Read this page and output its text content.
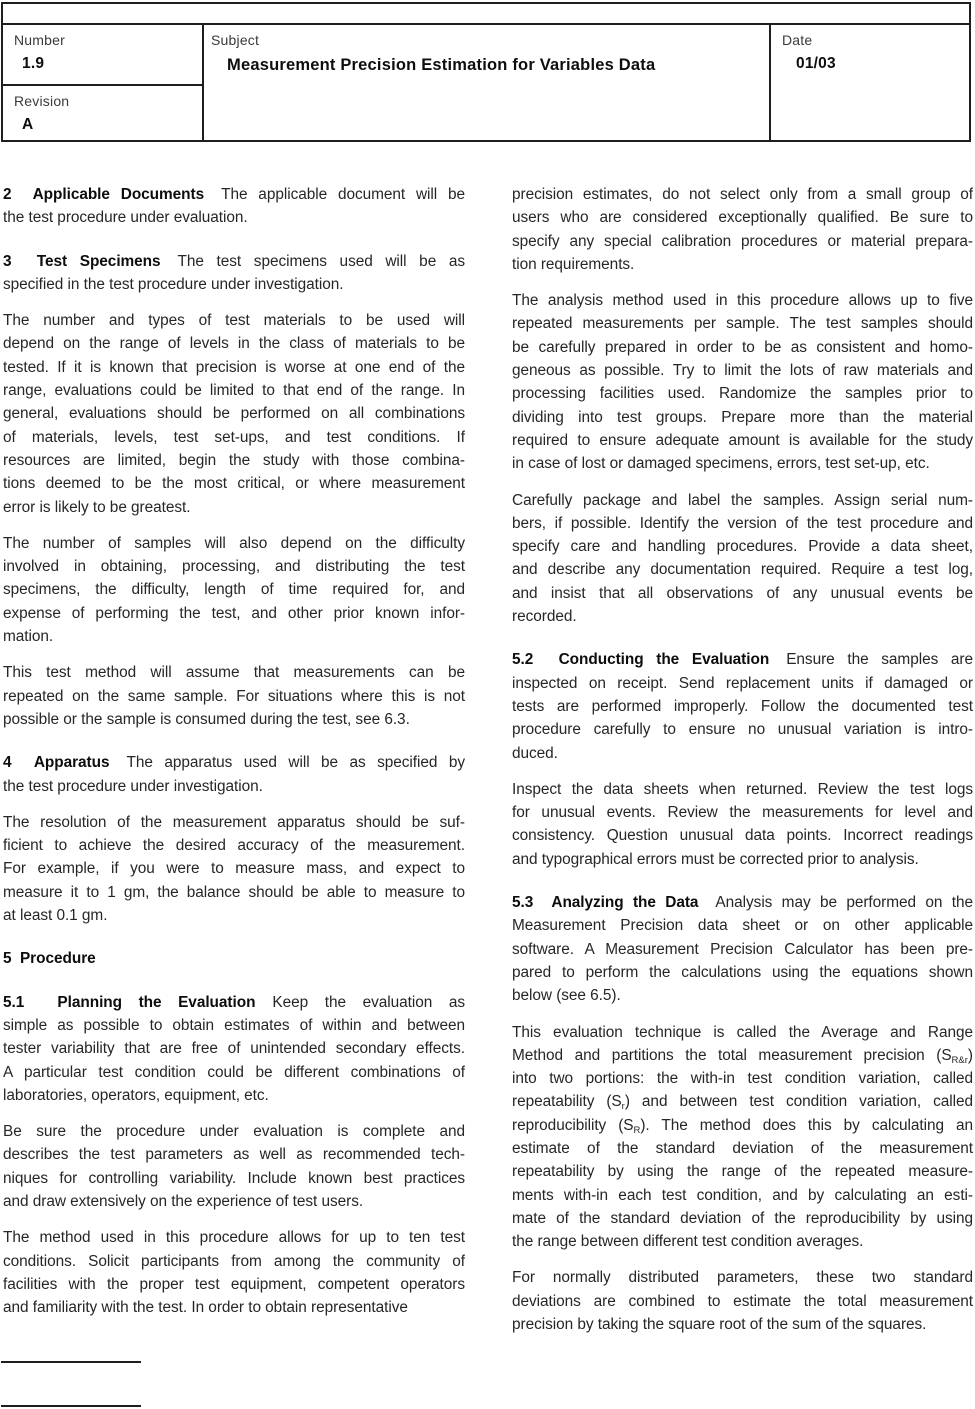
Number
1.9
Revision
A
Subject
Measurement Precision Estimation for Variables Data
Date
01/03
2  Applicable Documents The applicable document will be
the test procedure under evaluation.
3  Test Specimens The test specimens used will be as
specified in the test procedure under investigation.
The number and types of test materials to be used will
depend on the range of levels in the class of materials to be
tested. If it is known that precision is worse at one end of the
range, evaluations could be limited to that end of the range. In
general, evaluations should be performed on all combinations
of materials, levels, test set-ups, and test conditions. If
resources are limited, begin the study with those combina-
tions deemed to be the most critical, or where measurement
error is likely to be greatest.
The number of samples will also depend on the difficulty
involved in obtaining, processing, and distributing the test
specimens, the difficulty, length of time required for, and
expense of performing the test, and other prior known infor-
mation.
This test method will assume that measurements can be
repeated on the same sample. For situations where this is not
possible or the sample is consumed during the test, see 6.3.
4  Apparatus The apparatus used will be as specified by
the test procedure under investigation.
The resolution of the measurement apparatus should be suf-
ficient to achieve the desired accuracy of the measurement.
For example, if you were to measure mass, and expect to
measure it to 1 gm, the balance should be able to measure to
at least 0.1 gm.
5  Procedure
5.1  Planning the Evaluation Keep the evaluation as
simple as possible to obtain estimates of within and between
tester variability that are free of unintended secondary effects.
A particular test condition could be different combinations of
laboratories, operators, equipment, etc.
Be sure the procedure under evaluation is complete and
describes the test parameters as well as recommended tech-
niques for controlling variability. Include known best practices
and draw extensively on the experience of test users.
The method used in this procedure allows for up to ten test
conditions. Solicit participants from among the community of
facilities with the proper test equipment, competent operators
and familiarity with the test. In order to obtain representative
precision estimates, do not select only from a small group of
users who are considered exceptionally qualified. Be sure to
specify any special calibration procedures or material prepara-
tion requirements.
The analysis method used in this procedure allows up to five
repeated measurements per sample. The test samples should
be carefully prepared in order to be as consistent and homo-
geneous as possible. Try to limit the lots of raw materials and
processing facilities used. Randomize the samples prior to
dividing into test groups. Prepare more than the material
required to ensure adequate amount is available for the study
in case of lost or damaged specimens, errors, test set-up, etc.
Carefully package and label the samples. Assign serial num-
bers, if possible. Identify the version of the test procedure and
specify care and handling procedures. Provide a data sheet,
and describe any documentation required. Require a test log,
and insist that all observations of any unusual events be
recorded.
5.2  Conducting the Evaluation Ensure the samples are
inspected on receipt. Send replacement units if damaged or
tests are performed improperly. Follow the documented test
procedure carefully to ensure no unusual variation is intro-
duced.
Inspect the data sheets when returned. Review the test logs
for unusual events. Review the measurements for level and
consistency. Question unusual data points. Incorrect readings
and typographical errors must be corrected prior to analysis.
5.3  Analyzing the Data Analysis may be performed on the
Measurement Precision data sheet or on other applicable
software. A Measurement Precision Calculator has been pre-
pared to perform the calculations using the equations shown
below (see 6.5).
This evaluation technique is called the Average and Range
Method and partitions the total measurement precision (SR&r)
into two portions: the with-in test condition variation, called
repeatability (Sr) and between test condition variation, called
reproducibility (SR). The method does this by calculating an
estimate of the standard deviation of the measurement
repeatability by using the range of the repeated measure-
ments with-in each test condition, and by calculating an esti-
mate of the standard deviation of the reproducibility by using
the range between different test condition averages.
For normally distributed parameters, these two standard
deviations are combined to estimate the total measurement
precision by taking the square root of the sum of the squares.
